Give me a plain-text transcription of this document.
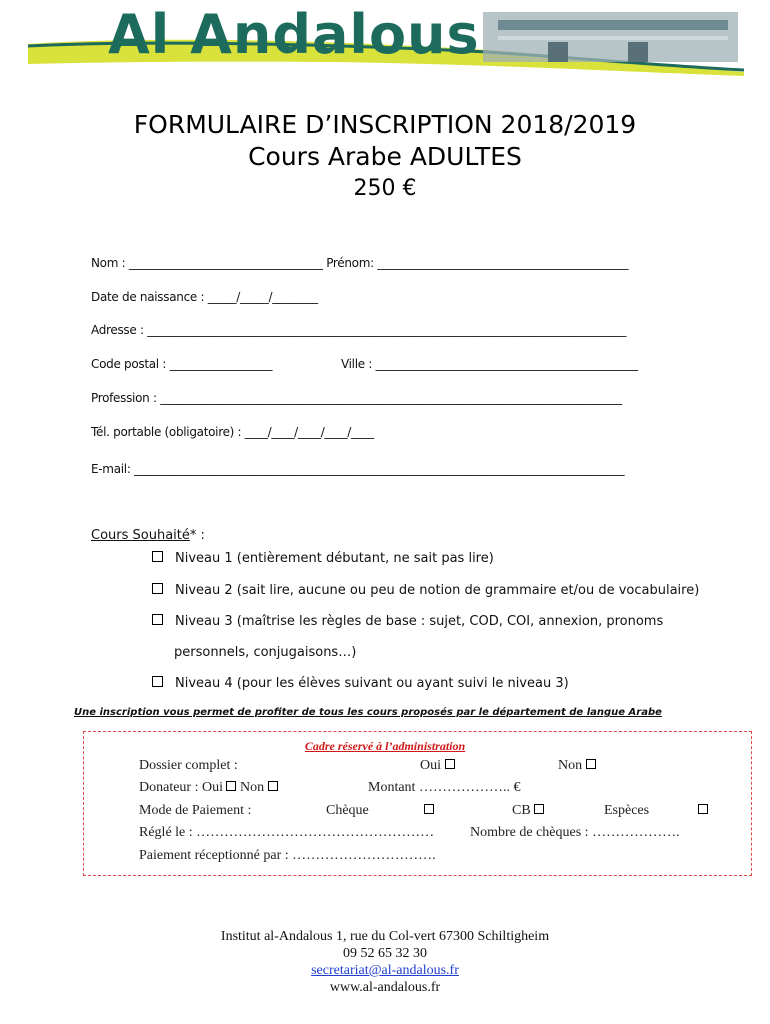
Al Andalous
FORMULAIRE D’INSCRIPTION 2018/2019
Cours Arabe ADULTES
250 €
Nom : __________________________________ Prénom: ____________________________________________
Date de naissance : _____/_____/________
Adresse : ____________________________________________________________________________________
Code postal : __________________	Ville : ______________________________________________
Profession : _________________________________________________________________________________
Tél. portable (obligatoire) : ____/____/____/____/____
E-mail: ______________________________________________________________________________________
Cours Souhaité* :
Niveau 1 (entièrement débutant, ne sait pas lire)
Niveau 2 (sait lire, aucune ou peu de notion de grammaire et/ou de vocabulaire)
Niveau 3 (maîtrise les règles de base : sujet, COD, COI, annexion, pronoms
personnels, conjugaisons…)
Niveau 4 (pour les élèves suivant ou ayant suivi le niveau 3)
Une inscription vous permet de profiter de tous les cours proposés par le département de langue Arabe
Cadre réservé à l’administration
Dossier complet :	Oui	Non
Donateur : Oui Non	Montant ……………….. €
Mode de Paiement :	Chèque	CB	Espèces
Réglé le : ……………………………………………	Nombre de chèques : ……………….
Paiement réceptionné par : ………………………….
Institut al-Andalous 1, rue du Col-vert 67300 Schiltigheim
09 52 65 32 30
secretariat@al-andalous.fr
www.al-andalous.fr
